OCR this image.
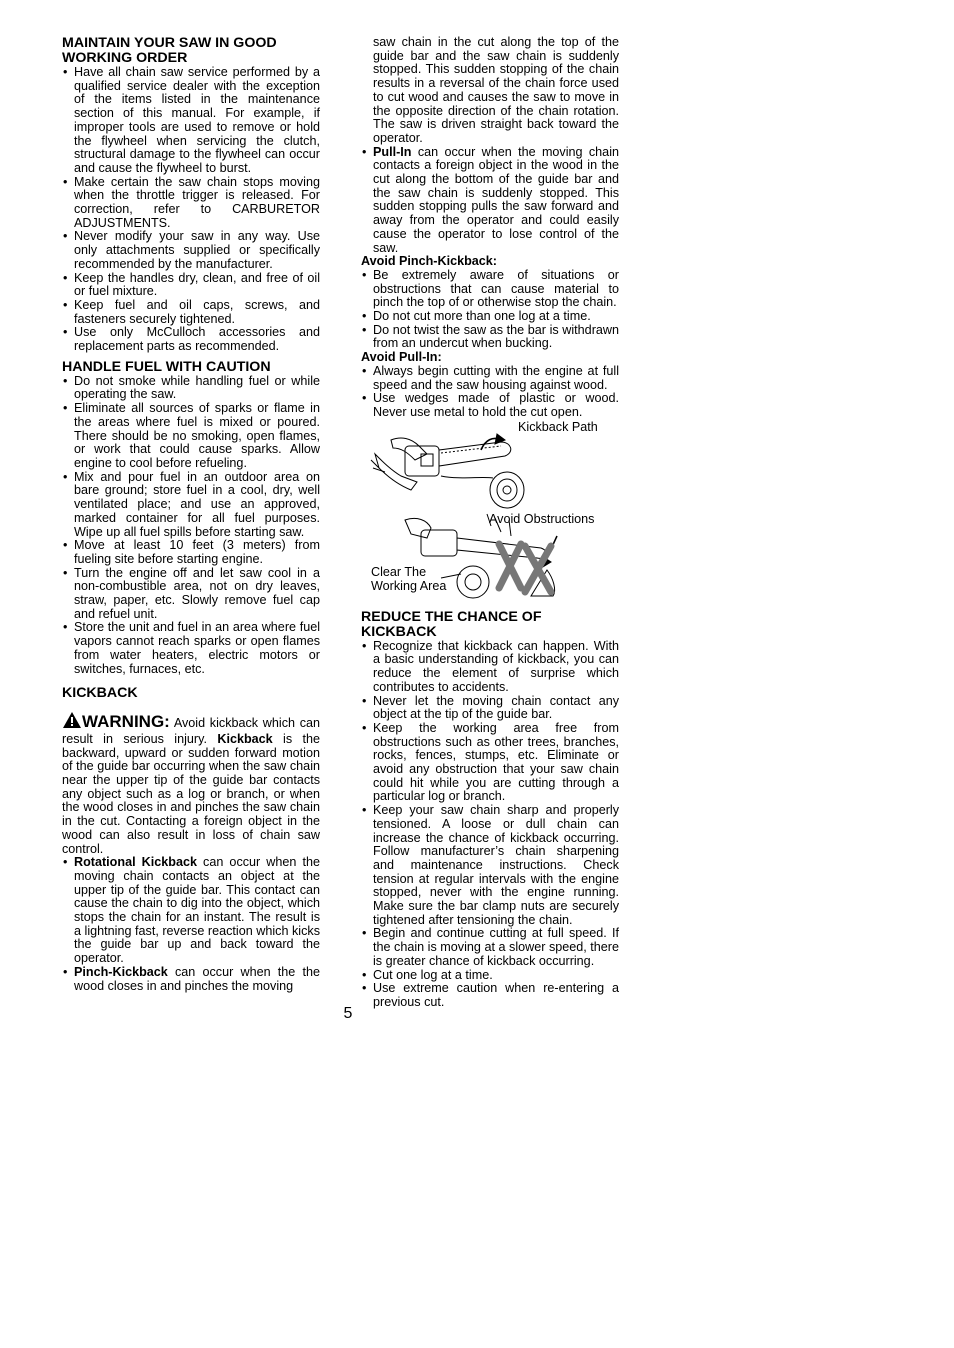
MAINTAIN YOUR SAW IN GOOD WORKING ORDER
• Have all chain saw service performed by a qualified service dealer with the exception of the items listed in the maintenance section of this manual. For example, if improper tools are used to remove or hold the flywheel when servicing the clutch, structural damage to the flywheel can occur and cause the flywheel to burst.
• Make certain the saw chain stops moving when the throttle trigger is released. For correction, refer to CARBURETOR ADJUSTMENTS.
• Never modify your saw in any way. Use only attachments supplied or specifically recommended by the manufacturer.
• Keep the handles dry, clean, and free of oil or fuel mixture.
• Keep fuel and oil caps, screws, and fasteners securely tightened.
• Use only McCulloch accessories and replacement parts as recommended.
HANDLE FUEL WITH CAUTION
• Do not smoke while handling fuel or while operating the saw.
• Eliminate all sources of sparks or flame in the areas where fuel is mixed or poured. There should be no smoking, open flames, or work that could cause sparks. Allow engine to cool before refueling.
• Mix and pour fuel in an outdoor area on bare ground; store fuel in a cool, dry, well ventilated place; and use an approved, marked container for all fuel purposes. Wipe up all fuel spills before starting saw.
• Move at least 10 feet (3 meters) from fueling site before starting engine.
• Turn the engine off and let saw cool in a non-combustible area, not on dry leaves, straw, paper, etc. Slowly remove fuel cap and refuel unit.
• Store the unit and fuel in an area where fuel vapors cannot reach sparks or open flames from water heaters, electric motors or switches, furnaces, etc.
KICKBACK

WARNING: Avoid kickback which can result in serious injury. Kickback is the backward, upward or sudden forward motion of the guide bar occurring when the saw chain near the upper tip of the guide bar contacts any object such as a log or branch, or when the wood closes in and pinches the saw chain in the cut. Contacting a foreign object in the wood can also result in loss of chain saw control.

• Rotational Kickback can occur when the moving chain contacts an object at the upper tip of the guide bar. This contact can cause the chain to dig into the object, which stops the chain for an instant. The result is a lightning fast, reverse reaction which kicks the guide bar up and back toward the operator.
• Pinch-Kickback can occur when the the wood closes in and pinches the moving

saw chain in the cut along the top of the guide bar and the saw chain is suddenly stopped. This sudden stopping of the chain results in a reversal of the chain force used to cut wood and causes the saw to move in the opposite direction of the chain rotation. The saw is driven straight back toward the operator.

• Pull-In can occur when the moving chain contacts a foreign object in the wood in the cut along the bottom of the guide bar and the saw chain is suddenly stopped. This sudden stopping pulls the saw forward and away from the operator and could easily cause the operator to lose control of the saw.
Avoid Pinch-Kickback:
• Be extremely aware of situations or obstructions that can cause material to pinch the top of or otherwise stop the chain.
• Do not cut more than one log at a time.
• Do not twist the saw as the bar is withdrawn from an undercut when bucking.
Avoid Pull-In:
• Always begin cutting with the engine at full speed and the saw housing against wood.
• Use wedges made of plastic or wood. Never use metal to hold the cut open.
Kickback Path
Avoid Obstructions
Clear The
Working Area
REDUCE THE CHANCE OF KICKBACK
• Recognize that kickback can happen. With a basic understanding of kickback, you can reduce the element of surprise which contributes to accidents.
• Never let the moving chain contact any object at the tip of the guide bar.
• Keep the working area free from obstructions such as other trees, branches, rocks, fences, stumps, etc. Eliminate or avoid any obstruction that your saw chain could hit while you are cutting through a particular log or branch.
• Keep your saw chain sharp and properly tensioned. A loose or dull chain can increase the chance of kickback occurring. Follow manufacturer’s chain sharpening and maintenance instructions. Check tension at regular intervals with the engine stopped, never with the engine running. Make sure the bar clamp nuts are securely tightened after tensioning the chain.
• Begin and continue cutting at full speed. If the chain is moving at a slower speed, there is greater chance of kickback occurring.
• Cut one log at a time.
• Use extreme caution when re-entering a previous cut.
5
